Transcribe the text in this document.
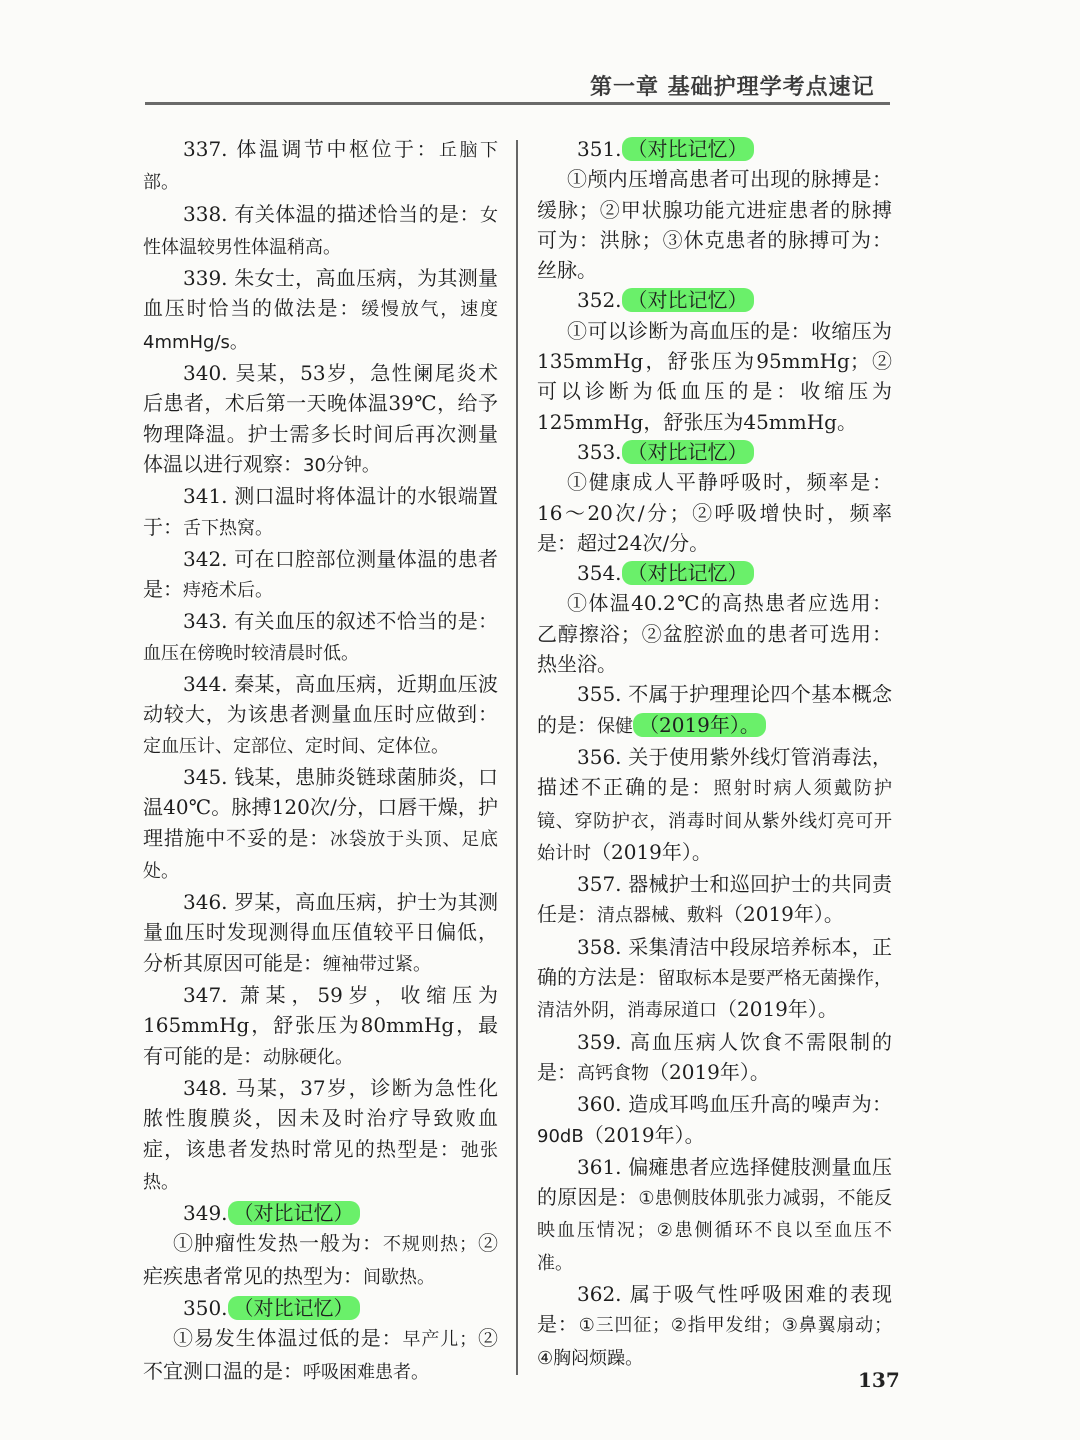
第一章 基础护理学考点速记

337. 体温调节中枢位于：丘脑下部。

338. 有关体温的描述恰当的是：女性体温较男性体温稍高。

339. 朱女士，高血压病，为其测量血压时恰当的做法是：缓慢放气，速度4mmHg/s。

340. 吴某，53岁，急性阑尾炎术后患者，术后第一天晚体温39℃，给予物理降温。护士需多长时间后再次测量体温以进行观察：30分钟。

341. 测口温时将体温计的水银端置于：舌下热窝。

342. 可在口腔部位测量体温的患者是：痔疮术后。

343. 有关血压的叙述不恰当的是：血压在傍晚时较清晨时低。

344. 秦某，高血压病，近期血压波动较大，为该患者测量血压时应做到：定血压计、定部位、定时间、定体位。

345. 钱某，患肺炎链球菌肺炎，口温40℃。脉搏120次/分，口唇干燥，护理措施中不妥的是：冰袋放于头顶、足底处。

346. 罗某，高血压病，护士为其测量血压时发现测得血压值较平日偏低，分析其原因可能是：缠袖带过紧。

347. 萧某，59岁，收缩压为165mmHg，舒张压为80mmHg，最有可能的是：动脉硬化。

348. 马某，37岁，诊断为急性化脓性腹膜炎，因未及时治疗导致败血症，该患者发热时常见的热型是：弛张热。

349. （对比记忆）

①肿瘤性发热一般为：不规则热；②疟疾患者常见的热型为：间歇热。

350. （对比记忆）

①易发生体温过低的是：早产儿；②不宜测口温的是：呼吸困难患者。

351. （对比记忆）

①颅内压增高患者可出现的脉搏是：缓脉；②甲状腺功能亢进症患者的脉搏可为：洪脉；③休克患者的脉搏可为：丝脉。

352. （对比记忆）

①可以诊断为高血压的是：收缩压为135mmHg，舒张压为95mmHg；②可以诊断为低血压的是：收缩压为125mmHg，舒张压为45mmHg。

353. （对比记忆）

①健康成人平静呼吸时，频率是：16～20次/分；②呼吸增快时，频率是：超过24次/分。

354. （对比记忆）

①体温40.2℃的高热患者应选用：乙醇擦浴；②盆腔淤血的患者可选用：热坐浴。

355. 不属于护理理论四个基本概念的是：保健 （2019年）。

356. 关于使用紫外线灯管消毒法，描述不正确的是：照射时病人须戴防护镜、穿防护衣，消毒时间从紫外线灯亮可开始计时（2019年）。

357. 器械护士和巡回护士的共同责任是：清点器械、敷料（2019年）。

358. 采集清洁中段尿培养标本，正确的方法是：留取标本是要严格无菌操作，清洁外阴，消毒尿道口（2019年）。

359. 高血压病人饮食不需限制的是：高钙食物（2019年）。

360. 造成耳鸣血压升高的噪声为：90dB（2019年）。

361. 偏瘫患者应选择健肢测量血压的原因是：①患侧肢体肌张力减弱，不能反映血压情况；②患侧循环不良以至血压不准。

362. 属于吸气性呼吸困难的表现是：①三凹征；②指甲发绀；③鼻翼扇动；④胸闷烦躁。

137
